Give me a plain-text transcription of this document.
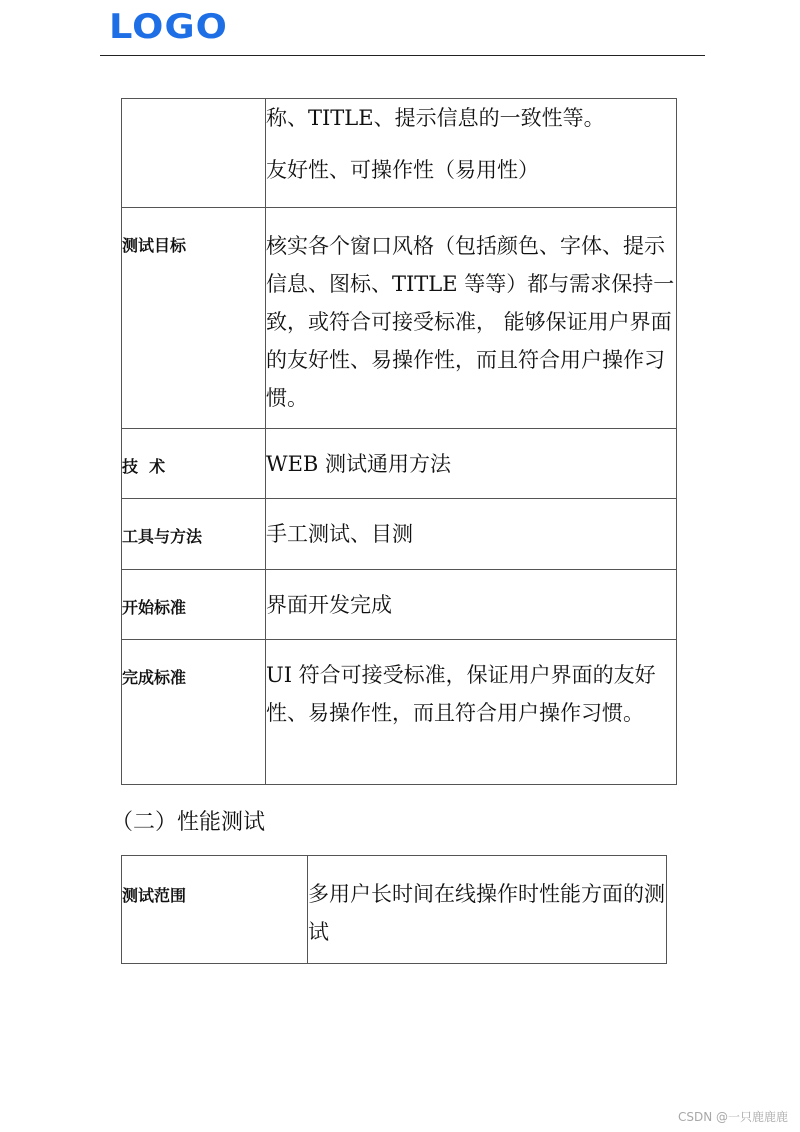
LOGO
	称、TITLE、提示信息的一致性等。
友好性、可操作性（易用性）

测试目标	核实各个窗口风格（包括颜色、字体、提示信息、图标、TITLE 等等）都与需求保持一致，或符合可接受标准， 能够保证用户界面的友好性、易操作性，而且符合用户操作习惯。
技  术	WEB 测试通用方法
工具与方法	手工测试、目测
开始标准	界面开发完成
完成标准	UI 符合可接受标准，保证用户界面的友好性、易操作性，而且符合用户操作习惯。
（二）性能测试
测试范围	多用户长时间在线操作时性能方面的测试
CSDN @一只鹿鹿鹿
